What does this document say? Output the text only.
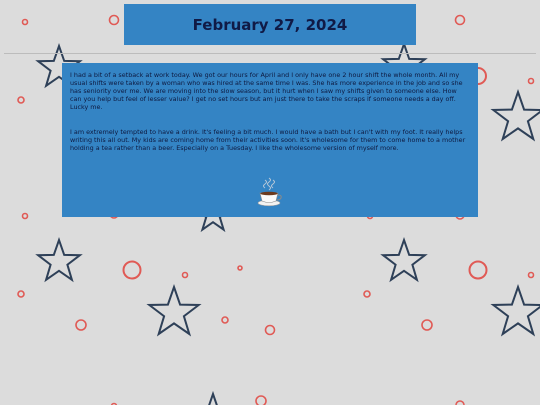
February 27, 2024

I had a bit of a setback at work today. We got our hours for April and I only have one 2 hour shift the whole month. All my usual shifts were taken by a woman who was hired at the same time I was. She has more experience in the job and so she has seniority over me. We are moving into the slow season, but it hurt when I saw my shifts given to someone else. How can you help but feel of lesser value? I get no set hours but am just there to take the scraps if someone needs a day off. Lucky me.

I am extremely tempted to have a drink. It's feeling a bit much. I would have a bath but I can't with my foot. It really helps writing this all out. My kids are coming home from their activities soon. It's wholesome for them to come home to a mother holding a tea rather than a beer. Especially on a Tuesday. I like the wholesome version of myself more.
